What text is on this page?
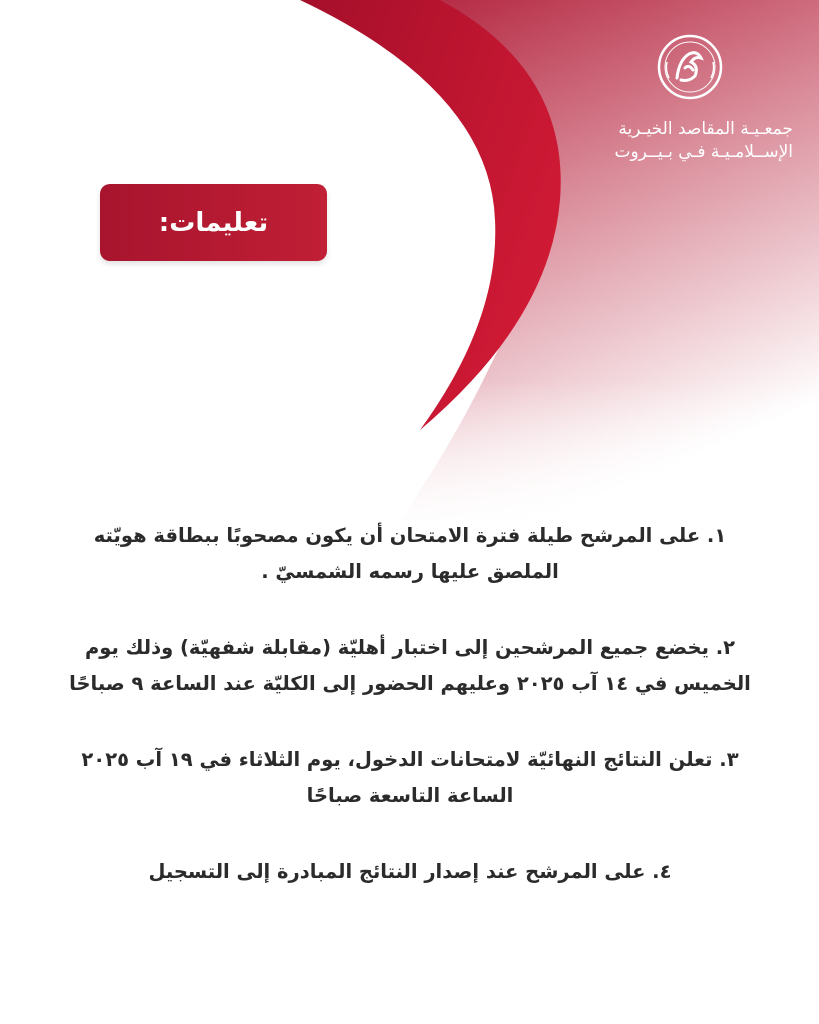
جمعـيـة المقاصد الخيـرية
الإســلامـيـة فـي بـيــروت
تعليمات:
١. على المرشح طيلة فترة الامتحان أن يكون مصحوبًا ببطاقة هويّته
الملصق عليها رسمه الشمسيّ .
٢. يخضع جميع المرشحين إلى اختبار أهليّة (مقابلة شفهيّة) وذلك يوم
الخميس في ١٤ آب ٢٠٢٥ وعليهم الحضور إلى الكليّة عند الساعة ٩ صباحًا
٣. تعلن النتائج النهائيّة لامتحانات الدخول، يوم الثلاثاء في ١٩ آب ٢٠٢٥
الساعة التاسعة صباحًا
٤. على المرشح عند إصدار النتائج المبادرة إلى التسجيل
